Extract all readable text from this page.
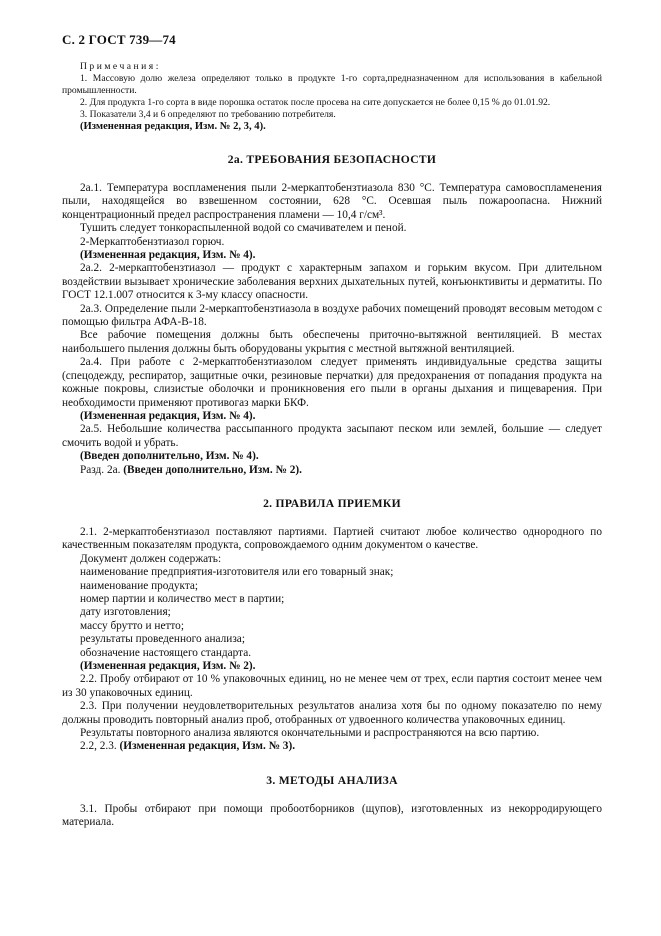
С. 2 ГОСТ 739—74

Примечания:

1. Массовую долю железа определяют только в продукте 1-го сорта,предназначенном для использования в кабельной промышленности.

2. Для продукта 1-го сорта в виде порошка остаток после просева на сите допускается не более 0,15 % до 01.01.92.

3. Показатели 3,4 и 6 определяют по требованию потребителя.

(Измененная редакция, Изм. № 2, 3, 4).

2а. ТРЕБОВАНИЯ БЕЗОПАСНОСТИ

2а.1. Температура воспламенения пыли 2-меркаптобензтиазола 830 °С. Температура самовоспламенения пыли, находящейся во взвешенном состоянии, 628 °С. Осевшая пыль пожароопасна. Нижний концентрационный предел распространения пламени — 10,4 г/см³.

Тушить следует тонкораспыленной водой со смачивателем и пеной.

2-Меркаптобензтиазол горюч.

(Измененная редакция, Изм. № 4).

2а.2. 2-меркаптобензтиазол — продукт с характерным запахом и горьким вкусом. При длительном воздействии вызывает хронические заболевания верхних дыхательных путей, конъюнктивиты и дерматиты. По ГОСТ 12.1.007 относится к 3-му классу опасности.

2а.3. Определение пыли 2-меркаптобензтиазола в воздухе рабочих помещений проводят весовым методом с помощью фильтра АФА-В-18.

Все рабочие помещения должны быть обеспечены приточно-вытяжной вентиляцией. В местах наибольшего пыления должны быть оборудованы укрытия с местной вытяжной вентиляцией.

2а.4. При работе с 2-меркаптобензтиазолом следует применять индивидуальные средства защиты (спецодежду, респиратор, защитные очки, резиновые перчатки) для предохранения от попадания продукта на кожные покровы, слизистые оболочки и проникновения его пыли в органы дыхания и пищеварения. При необходимости применяют противогаз марки БКФ.

(Измененная редакция, Изм. № 4).

2а.5. Небольшие количества рассыпанного продукта засыпают песком или землей, большие — следует смочить водой и убрать.

(Введен дополнительно, Изм. № 4).

Разд. 2а. (Введен дополнительно, Изм. № 2).

2. ПРАВИЛА ПРИЕМКИ

2.1. 2-меркаптобензтиазол поставляют партиями. Партией считают любое количество однородного по качественным показателям продукта, сопровождаемого одним документом о качестве.

Документ должен содержать:

наименование предприятия-изготовителя или его товарный знак;

наименование продукта;

номер партии и количество мест в партии;

дату изготовления;

массу брутто и нетто;

результаты проведенного анализа;

обозначение настоящего стандарта.

(Измененная редакция, Изм. № 2).

2.2. Пробу отбирают от 10 % упаковочных единиц, но не менее чем от трех, если партия состоит менее чем из 30 упаковочных единиц.

2.3. При получении неудовлетворительных результатов анализа хотя бы по одному показателю по нему должны проводить повторный анализ проб, отобранных от удвоенного количества упаковочных единиц.

Результаты повторного анализа являются окончательными и распространяются на всю партию.

2.2, 2.3. (Измененная редакция, Изм. № 3).

3. МЕТОДЫ АНАЛИЗА

3.1. Пробы отбирают при помощи пробоотборников (щупов), изготовленных из некорродирующего материала.
